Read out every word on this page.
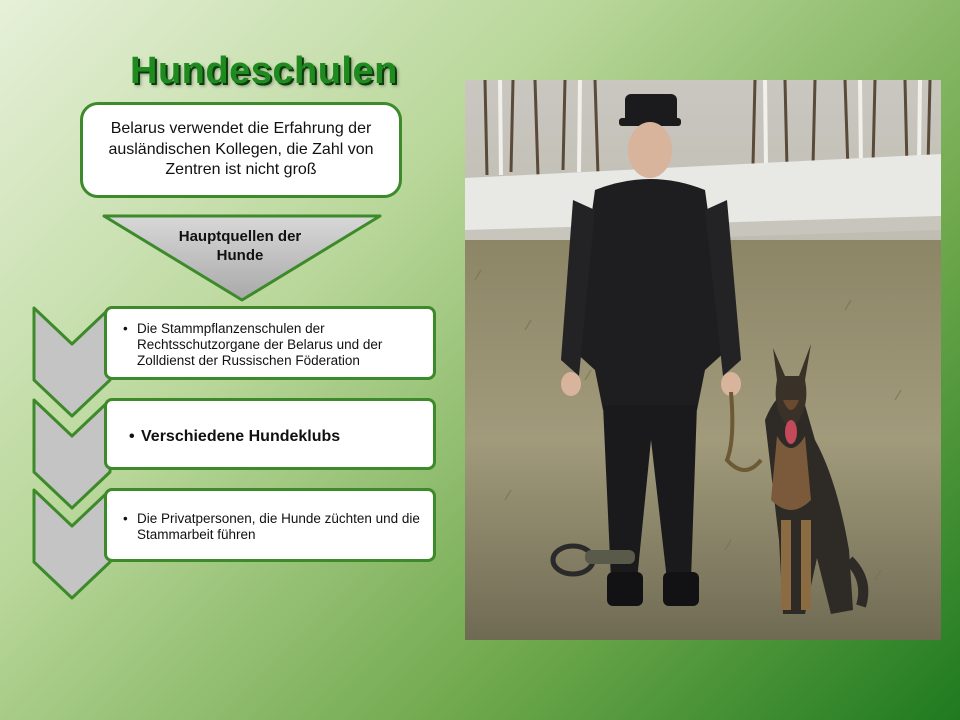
Hundeschulen
Belarus verwendet die Erfahrung der ausländischen Kollegen, die Zahl von Zentren ist nicht groß
Hauptquellen der Hunde
• Die Stammpflanzenschulen der Rechtsschutzorgane der Belarus und der Zolldienst der Russischen Föderation
• Verschiedene Hundeklubs
• Die Privatpersonen, die Hunde züchten und die Stammarbeit führen
